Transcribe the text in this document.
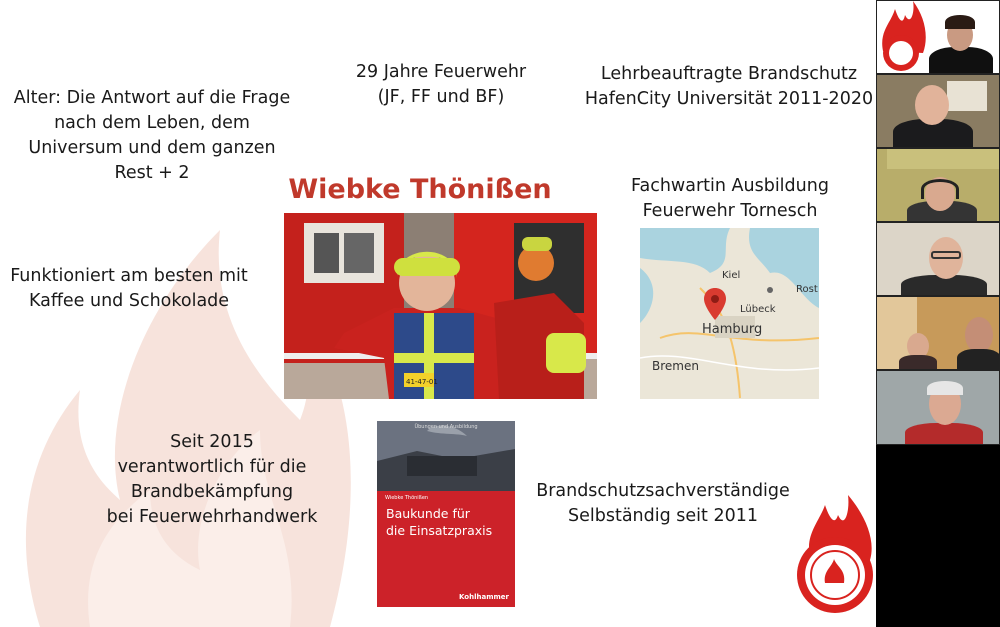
Alter: Die Antwort auf die Frage
nach dem Leben, dem
Universum und dem ganzen
Rest + 2
29 Jahre Feuerwehr
(JF, FF und BF)
Lehrbeauftragte Brandschutz
HafenCity Universität 2011-2020
Wiebke Thönißen
Funktioniert am besten mit
Kaffee und Schokolade
Fachwartin Ausbildung
Feuerwehr Tornesch
Seit 2015
verantwortlich für die
Brandbekämpfung
bei Feuerwehrhandwerk
Brandschutzsachverständige
Selbständig seit 2011
41-47-01
Kiel
Lübeck
Rost
Hamburg
Bremen
Übungen und Ausbildung
Wiebke Thönißen
Baukunde für
die Einsatzpraxis
Kohlhammer
